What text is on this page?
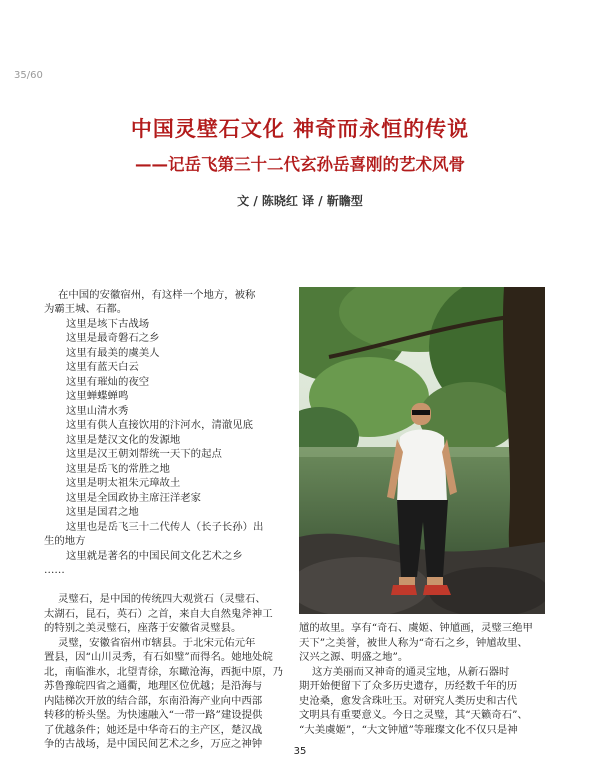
35/60
中国灵壁石文化 神奇而永恒的传说
——记岳飞第三十二代玄孙岳喜刚的艺术风骨
文 / 陈晓红 译 / 靳瞻型
在中国的安徽宿州，有这样一个地方，被称
为霸王城、石都。
这里是垓下古战场
这里是最奇磐石之乡
这里有最美的虞美人
这里有蓝天白云
这里有璀灿的夜空
这里蝉蝶蝉鸣
这里山清水秀
这里有供人直接饮用的汴河水，清澈见底
这里是楚汉文化的发源地
这里是汉王朝刘帮统一天下的起点
这里是岳飞的常胜之地
这里是明太祖朱元璋故土
这里是全国政协主席汪洋老家
这里是国君之地
这里也是岳飞三十二代传人（长子长孙）出
生的地方
这里就是著名的中国民间文化艺术之乡
……
灵璧石，是中国的传统四大观赏石（灵璧石、
太湖石，昆石，英石）之首，来自大自然鬼斧神工
的特别之美灵璧石，座落于安徽省灵璧县。
灵璧，安徽省宿州市辖县。于北宋元佑元年
置县，因“山川灵秀，有石如璧”而得名。她地处皖
北，南临淮水，北望青徐，东瞰沧海，西扼中原，乃
苏鲁豫皖四省之通衢，地理区位优越；是沿海与
内陆梯次开放的结合部，东南沿海产业向中西部
转移的桥头堡。为快速融入“一带一路”建设提供
了优越条件；她还是中华奇石的主产区，楚汉战
争的古战场，是中国民间艺术之乡，万应之神钟
馗的故里。享有“奇石、虞姬、钟馗画，灵璧三绝甲
天下”之美誉，被世人称为“奇石之乡，钟馗故里、
汉兴之源、明盛之地”。
这方美丽而又神奇的通灵宝地，从新石器时
期开始便留下了众多历史遗存，历经数千年的历
史沧桑，愈发含珠吐玉。对研究人类历史和古代
文明具有重要意义。今日之灵璧，其“天籁奇石”、
“大美虞姬”，“大文钟馗”等璀璨文化不仅只是神
35
